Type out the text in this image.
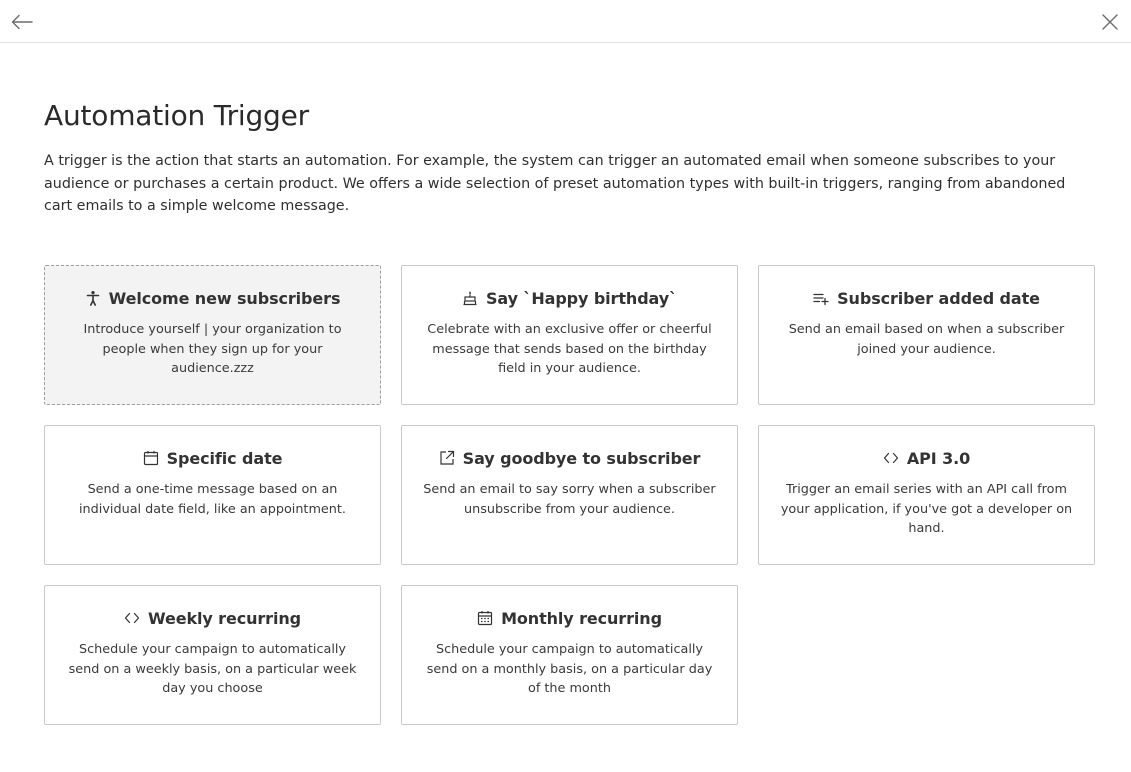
Automation Trigger

A trigger is the action that starts an automation. For example, the system can trigger an automated email when someone subscribes to your audience or purchases a certain product. We offers a wide selection of preset automation types with built-in triggers, ranging from abandoned cart emails to a simple welcome message.

Welcome new subscribers
Introduce yourself | your organization to people when they sign up for your audience.zzz
Say `Happy birthday`
Celebrate with an exclusive offer or cheerful message that sends based on the birthday field in your audience.
Subscriber added date
Send an email based on when a subscriber joined your audience.
Specific date
Send a one-time message based on an individual date field, like an appointment.
Say goodbye to subscriber
Send an email to say sorry when a subscriber unsubscribe from your audience.
API 3.0
Trigger an email series with an API call from your application, if you've got a developer on hand.
Weekly recurring
Schedule your campaign to automatically send on a weekly basis, on a particular week day you choose
Monthly recurring
Schedule your campaign to automatically send on a monthly basis, on a particular day of the month
